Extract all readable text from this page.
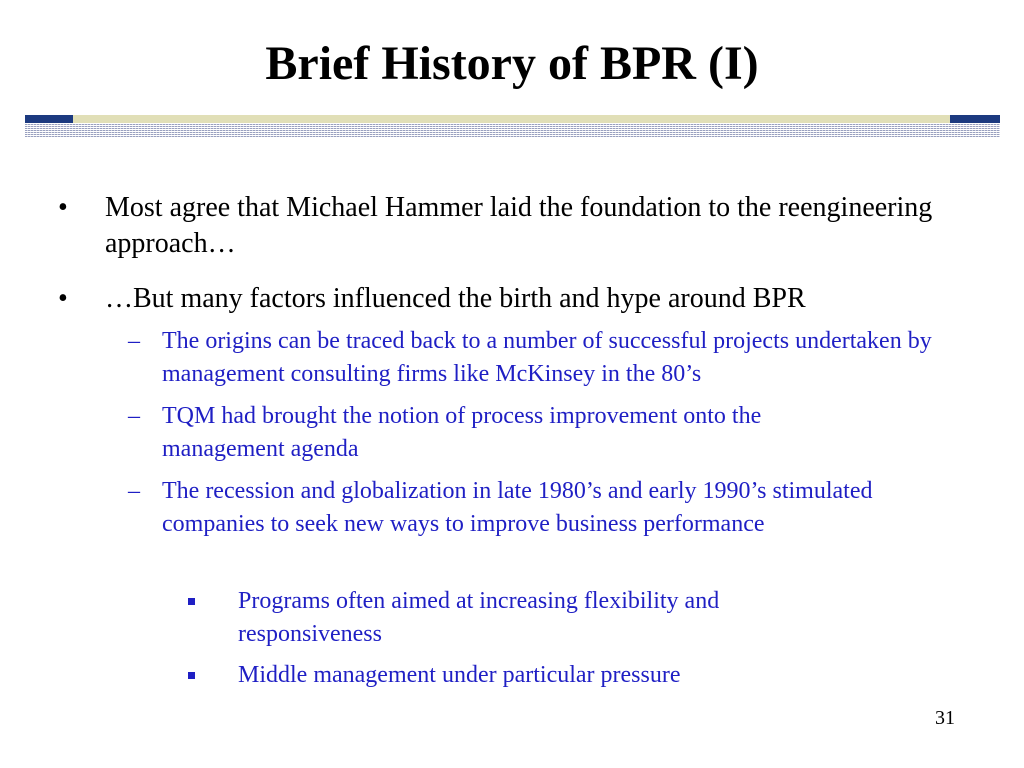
Brief History of BPR (I)
• Most agree that Michael Hammer laid the foundation to the reengineering approach…
• …But many factors influenced the birth and hype around BPR
– The origins can be traced back to a number of successful projects undertaken by management consulting firms like McKinsey in the 80’s
– TQM had brought the notion of process improvement onto the management agenda
– The recession and globalization in late 1980’s and early 1990’s stimulated companies to seek new ways to improve business performance
Programs often aimed at increasing flexibility and responsiveness
Middle management under particular pressure
31
